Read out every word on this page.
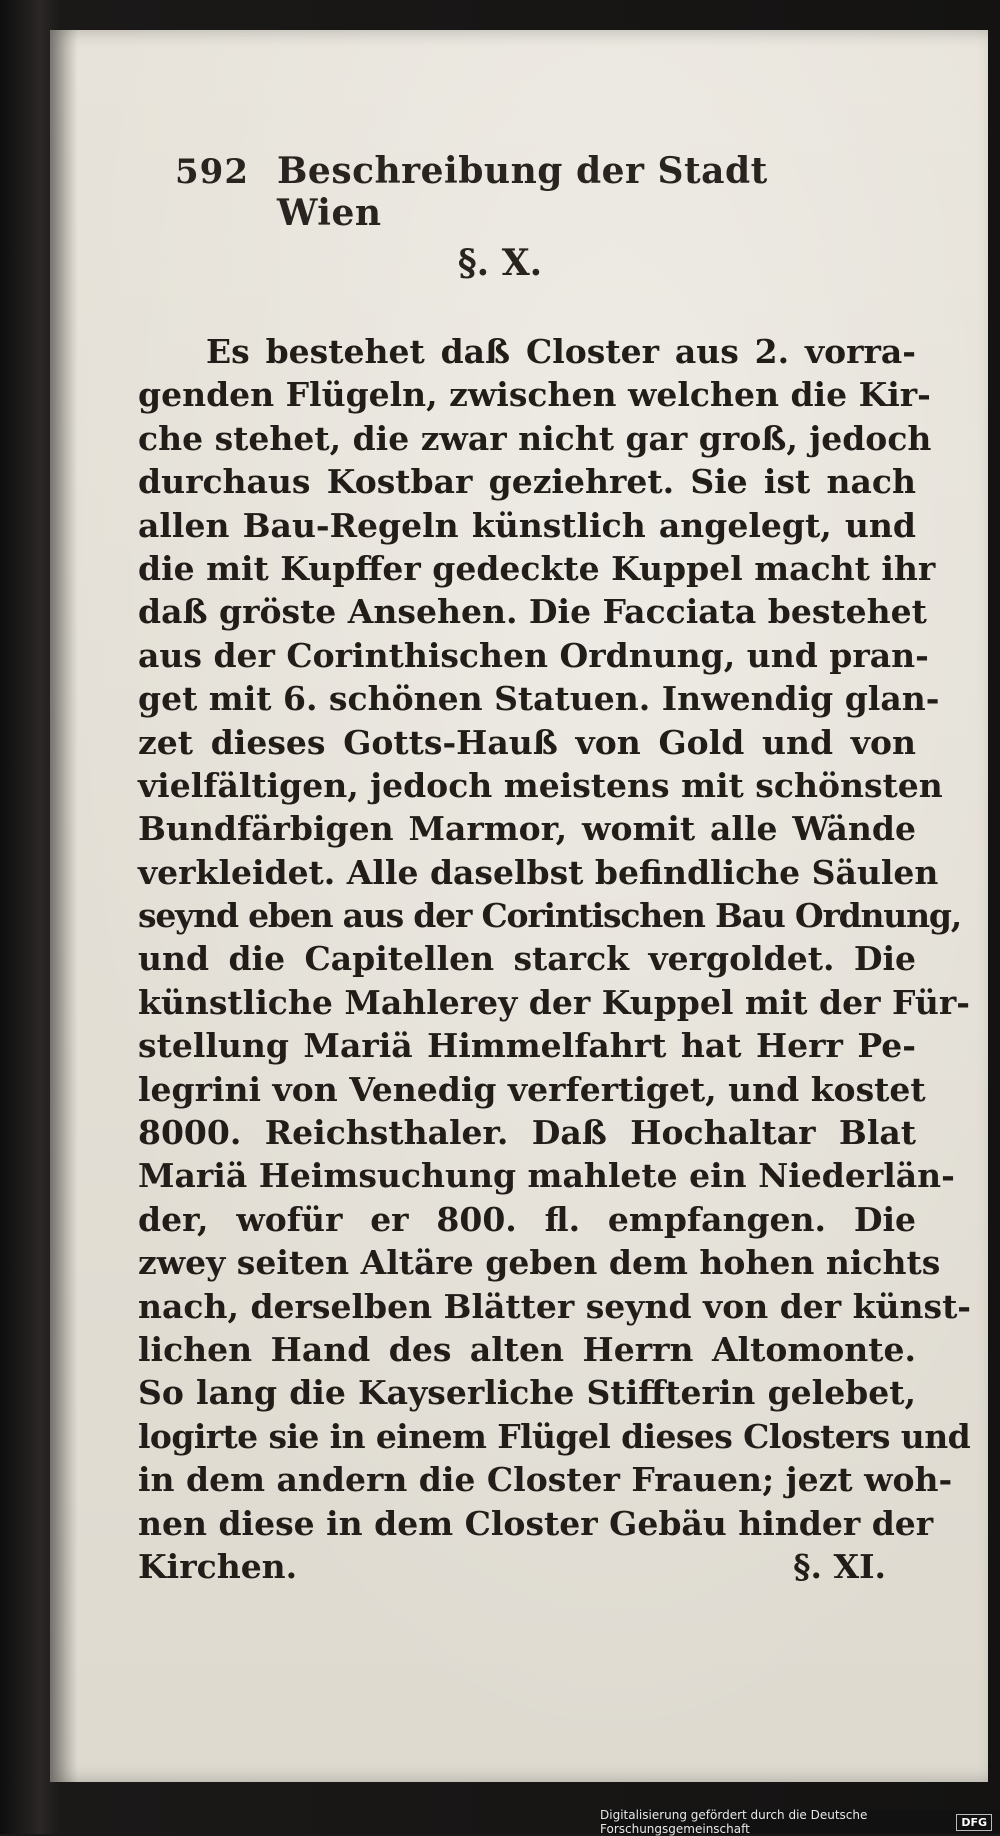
592 Beschreibung der Stadt Wien
§. X.
Es bestehet daß Closter aus 2. vorra-
genden Flügeln, zwischen welchen die Kir-
che stehet, die zwar nicht gar groß, jedoch
durchaus Kostbar geziehret. Sie ist nach
allen Bau-Regeln künstlich angelegt, und
die mit Kupffer gedeckte Kuppel macht ihr
daß gröste Ansehen. Die Facciata bestehet
aus der Corinthischen Ordnung, und pran-
get mit 6. schönen Statuen. Inwendig glan-
zet dieses Gotts-Hauß von Gold und von
vielfältigen, jedoch meistens mit schönsten
Bundfärbigen Marmor, womit alle Wände
verkleidet. Alle daselbst befindliche Säulen
seynd eben aus der Corintischen Bau Ordnung,
und die Capitellen starck vergoldet. Die
künstliche Mahlerey der Kuppel mit der Für-
stellung Mariä Himmelfahrt hat Herr Pe-
legrini von Venedig verfertiget, und kostet
8000. Reichsthaler. Daß Hochaltar Blat
Mariä Heimsuchung mahlete ein Niederlän-
der, wofür er 800. fl. empfangen. Die
zwey seiten Altäre geben dem hohen nichts
nach, derselben Blätter seynd von der künst-
lichen Hand des alten Herrn Altomonte.
So lang die Kayserliche Stiffterin gelebet,
logirte sie in einem Flügel dieses Closters und
in dem andern die Closter Frauen; jezt woh-
nen diese in dem Closter Gebäu hinder der
Kirchen.	§. XI.
Digitalisierung gefördert durch die Deutsche Forschungsgemeinschaft	DFG
